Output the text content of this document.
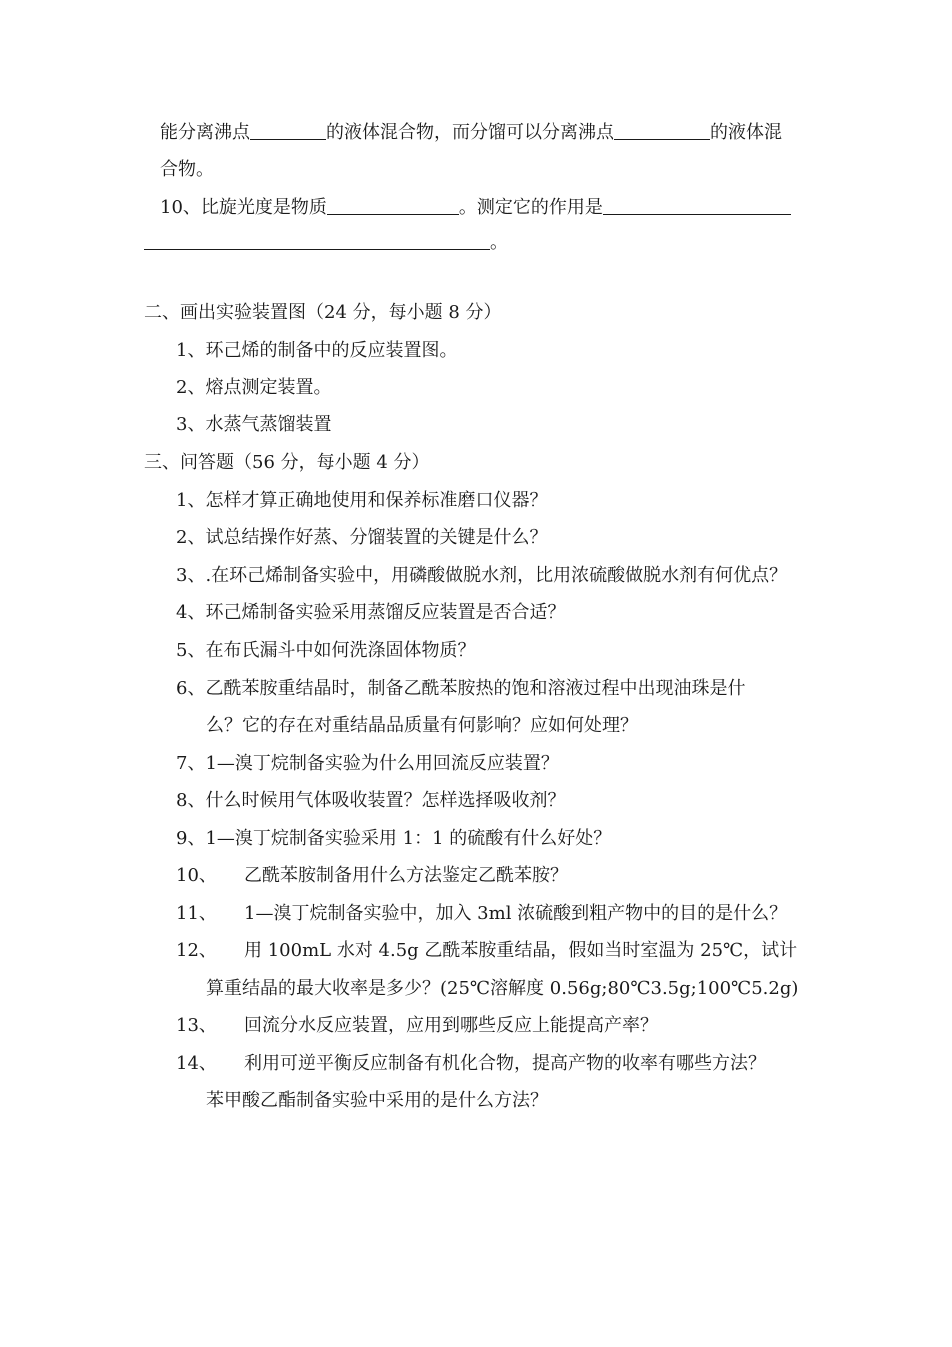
能分离沸点	的液体混合物，而分馏可以分离沸点	的液体混
合物。
10、比旋光度是物质	。测定它的作用是
。
二、画出实验装置图（24 分，每小题 8 分）
1、环己烯的制备中的反应装置图。
2、熔点测定装置。
3、水蒸气蒸馏装置
三、问答题（56 分，每小题 4 分）
1、怎样才算正确地使用和保养标准磨口仪器？
2、试总结操作好蒸、分馏装置的关键是什么？
3、.在环己烯制备实验中，用磷酸做脱水剂，比用浓硫酸做脱水剂有何优点？
4、环己烯制备实验采用蒸馏反应装置是否合适？
5、在布氏漏斗中如何洗涤固体物质？
6、乙酰苯胺重结晶时，制备乙酰苯胺热的饱和溶液过程中出现油珠是什
么？它的存在对重结晶品质量有何影响？应如何处理？
7、1—溴丁烷制备实验为什么用回流反应装置？
8、什么时候用气体吸收装置？怎样选择吸收剂？
9、1—溴丁烷制备实验采用 1：1 的硫酸有什么好处？
10、 乙酰苯胺制备用什么方法鉴定乙酰苯胺？
11、 1—溴丁烷制备实验中，加入 3ml 浓硫酸到粗产物中的目的是什么？
12、 用 100mL 水对 4.5g 乙酰苯胺重结晶，假如当时室温为 25℃，试计
算重结晶的最大收率是多少？(25℃溶解度 0.56g;80℃3.5g;100℃5.2g)
13、 回流分水反应装置，应用到哪些反应上能提高产率？
14、 利用可逆平衡反应制备有机化合物，提高产物的收率有哪些方法？
苯甲酸乙酯制备实验中采用的是什么方法？
